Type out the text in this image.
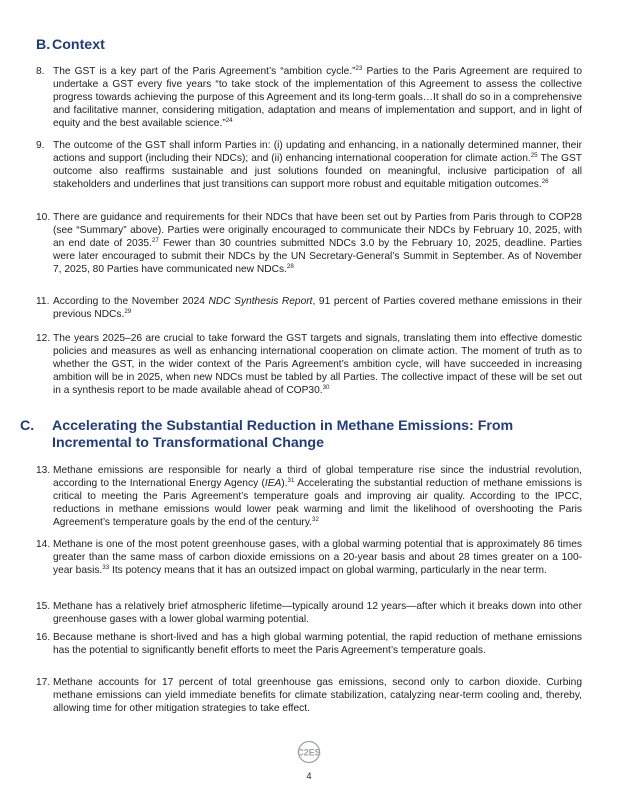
B. Context
8. The GST is a key part of the Paris Agreement’s “ambition cycle.”$^{23}$ Parties to the Paris Agreement are required to undertake a GST every five years “to take stock of the implementation of this Agreement to assess the collective progress towards achieving the purpose of this Agreement and its long-term goals…It shall do so in a comprehensive and facilitative manner, considering mitigation, adaptation and means of implementation and support, and in light of equity and the best available science.”$^{24}$
9. The outcome of the GST shall inform Parties in: (i) updating and enhancing, in a nationally determined manner, their actions and support (including their NDCs); and (ii) enhancing international cooperation for climate action.$^{25}$ The GST outcome also reaffirms sustainable and just solutions founded on meaningful, inclusive participation of all stakeholders and underlines that just transitions can support more robust and equitable mitigation outcomes.$^{26}$
10. There are guidance and requirements for their NDCs that have been set out by Parties from Paris through to COP28 (see “Summary” above). Parties were originally encouraged to communicate their NDCs by February 10, 2025, with an end date of 2035.27 Fewer than 30 countries submitted NDCs 3.0 by the February 10, 2025, deadline. Parties were later encouraged to submit their NDCs by the UN Secretary-General’s Summit in September. As of November 7, 2025, 80 Parties have communicated new NDCs.$^{28}$
11. According to the November 2024 NDC Synthesis Report, 91 percent of Parties covered methane emissions in their previous NDCs.$^{29}$
12. The years 2025–26 are crucial to take forward the GST targets and signals, translating them into effective domestic policies and measures as well as enhancing international cooperation on climate action. The moment of truth as to whether the GST, in the wider context of the Paris Agreement’s ambition cycle, will have succeeded in increasing ambition will be in 2025, when new NDCs must be tabled by all Parties. The collective impact of these will be set out in a synthesis report to be made available ahead of COP30.30
C. Accelerating the Substantial Reduction in Methane Emissions: From Incremental to Transformational Change
13. Methane emissions are responsible for nearly a third of global temperature rise since the industrial revolution, according to the International Energy Agency (IEA).$^{31}$ Accelerating the substantial reduction of methane emissions is critical to meeting the Paris Agreement’s temperature goals and improving air quality. According to the IPCC, reductions in methane emissions would lower peak warming and limit the likelihood of overshooting the Paris Agreement’s temperature goals by the end of the century.$^{32}$
14. Methane is one of the most potent greenhouse gases, with a global warming potential that is approximately 86 times greater than the same mass of carbon dioxide emissions on a 20-year basis and about 28 times greater on a 100-year basis.$^{33}$ Its potency means that it has an outsized impact on global warming, particularly in the near term.
15. Methane has a relatively brief atmospheric lifetime—typically around 12 years—after which it breaks down into other greenhouse gases with a lower global warming potential.
16. Because methane is short-lived and has a high global warming potential, the rapid reduction of methane emissions has the potential to significantly benefit efforts to meet the Paris Agreement’s temperature goals.
17. Methane accounts for 17 percent of total greenhouse gas emissions, second only to carbon dioxide. Curbing methane emissions can yield immediate benefits for climate stabilization, catalyzing near-term cooling and, thereby, allowing time for other mitigation strategies to take effect.
C2ES
4
